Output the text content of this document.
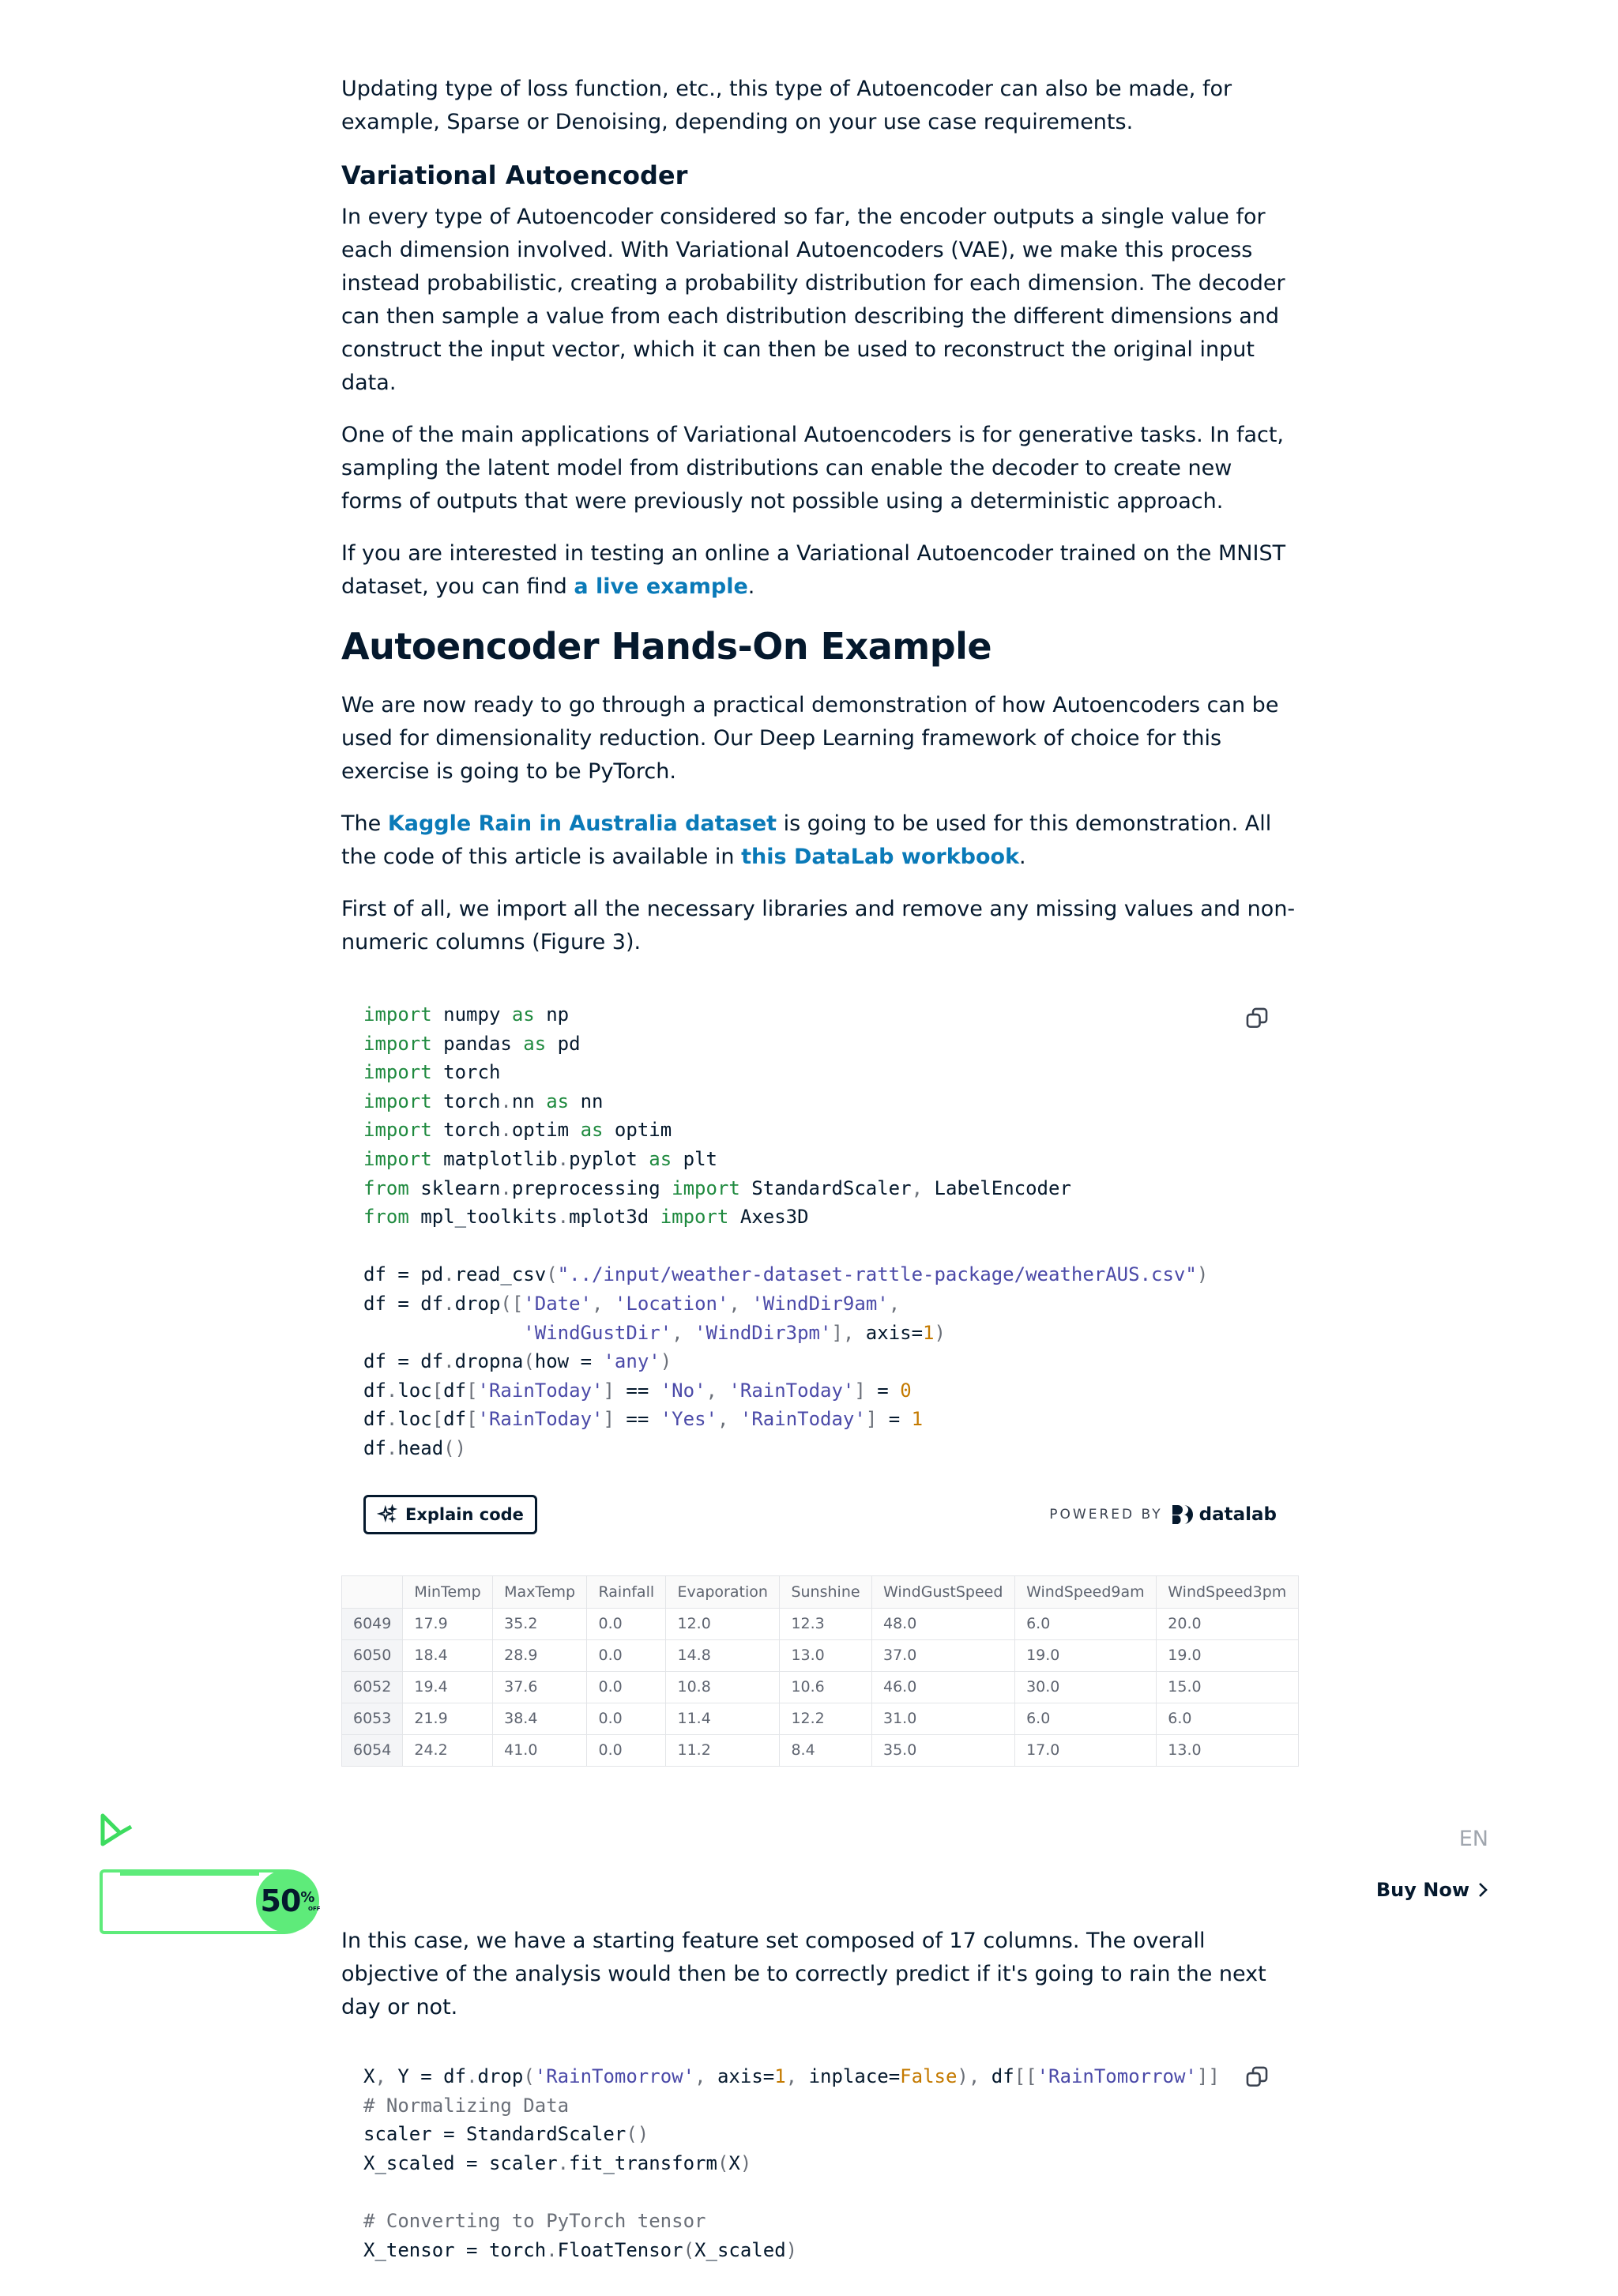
Updating type of loss function, etc., this type of Autoencoder can also be made, for example, Sparse or Denoising, depending on your use case requirements.

Variational Autoencoder

In every type of Autoencoder considered so far, the encoder outputs a single value for each dimension involved. With Variational Autoencoders (VAE), we make this process instead probabilistic, creating a probability distribution for each dimension. The decoder can then sample a value from each distribution describing the different dimensions and construct the input vector, which it can then be used to reconstruct the original input data.

One of the main applications of Variational Autoencoders is for generative tasks. In fact, sampling the latent model from distributions can enable the decoder to create new forms of outputs that were previously not possible using a deterministic approach.

If you are interested in testing an online a Variational Autoencoder trained on the MNIST dataset, you can find a live example.

Autoencoder Hands-On Example

We are now ready to go through a practical demonstration of how Autoencoders can be used for dimensionality reduction. Our Deep Learning framework of choice for this exercise is going to be PyTorch.

The Kaggle Rain in Australia dataset is going to be used for this demonstration. All the code of this article is available in this DataLab workbook.

First of all, we import all the necessary libraries and remove any missing values and non-numeric columns (Figure 3).

import numpy as np
import pandas as pd
import torch
import torch.nn as nn
import torch.optim as optim
import matplotlib.pyplot as plt
from sklearn.preprocessing import StandardScaler, LabelEncoder
from mpl_toolkits.mplot3d import Axes3D

df = pd.read_csv("../input/weather-dataset-rattle-package/weatherAUS.csv")
df = df.drop(['Date', 'Location', 'WindDir9am',
'WindGustDir', 'WindDir3pm'], axis=1)
df = df.dropna(how = 'any')
df.loc[df['RainToday'] == 'No', 'RainToday'] = 0
df.loc[df['RainToday'] == 'Yes', 'RainToday'] = 1
df.head()
Explain code	POWERED BY datalab
	MinTemp	MaxTemp	Rainfall	Evaporation	Sunshine	WindGustSpeed	WindSpeed9am	WindSpeed3pm
6049	17.9	35.2	0.0	12.0	12.3	48.0	6.0	20.0
6050	18.4	28.9	0.0	14.8	13.0	37.0	19.0	19.0
6052	19.4	37.6	0.0	10.8	10.6	46.0	30.0	15.0
6053	21.9	38.4	0.0	11.4	12.2	31.0	6.0	6.0
6054	24.2	41.0	0.0	11.2	8.4	35.0	17.0	13.0
50 %
OFF
EN
Buy Now

In this case, we have a starting feature set composed of 17 columns. The overall objective of the analysis would then be to correctly predict if it's going to rain the next day or not.

X, Y = df.drop('RainTomorrow', axis=1, inplace=False), df[['RainTomorrow']]
# Normalizing Data
scaler = StandardScaler()
X_scaled = scaler.fit_transform(X)

# Converting to PyTorch tensor
X_tensor = torch.FloatTensor(X_scaled)
